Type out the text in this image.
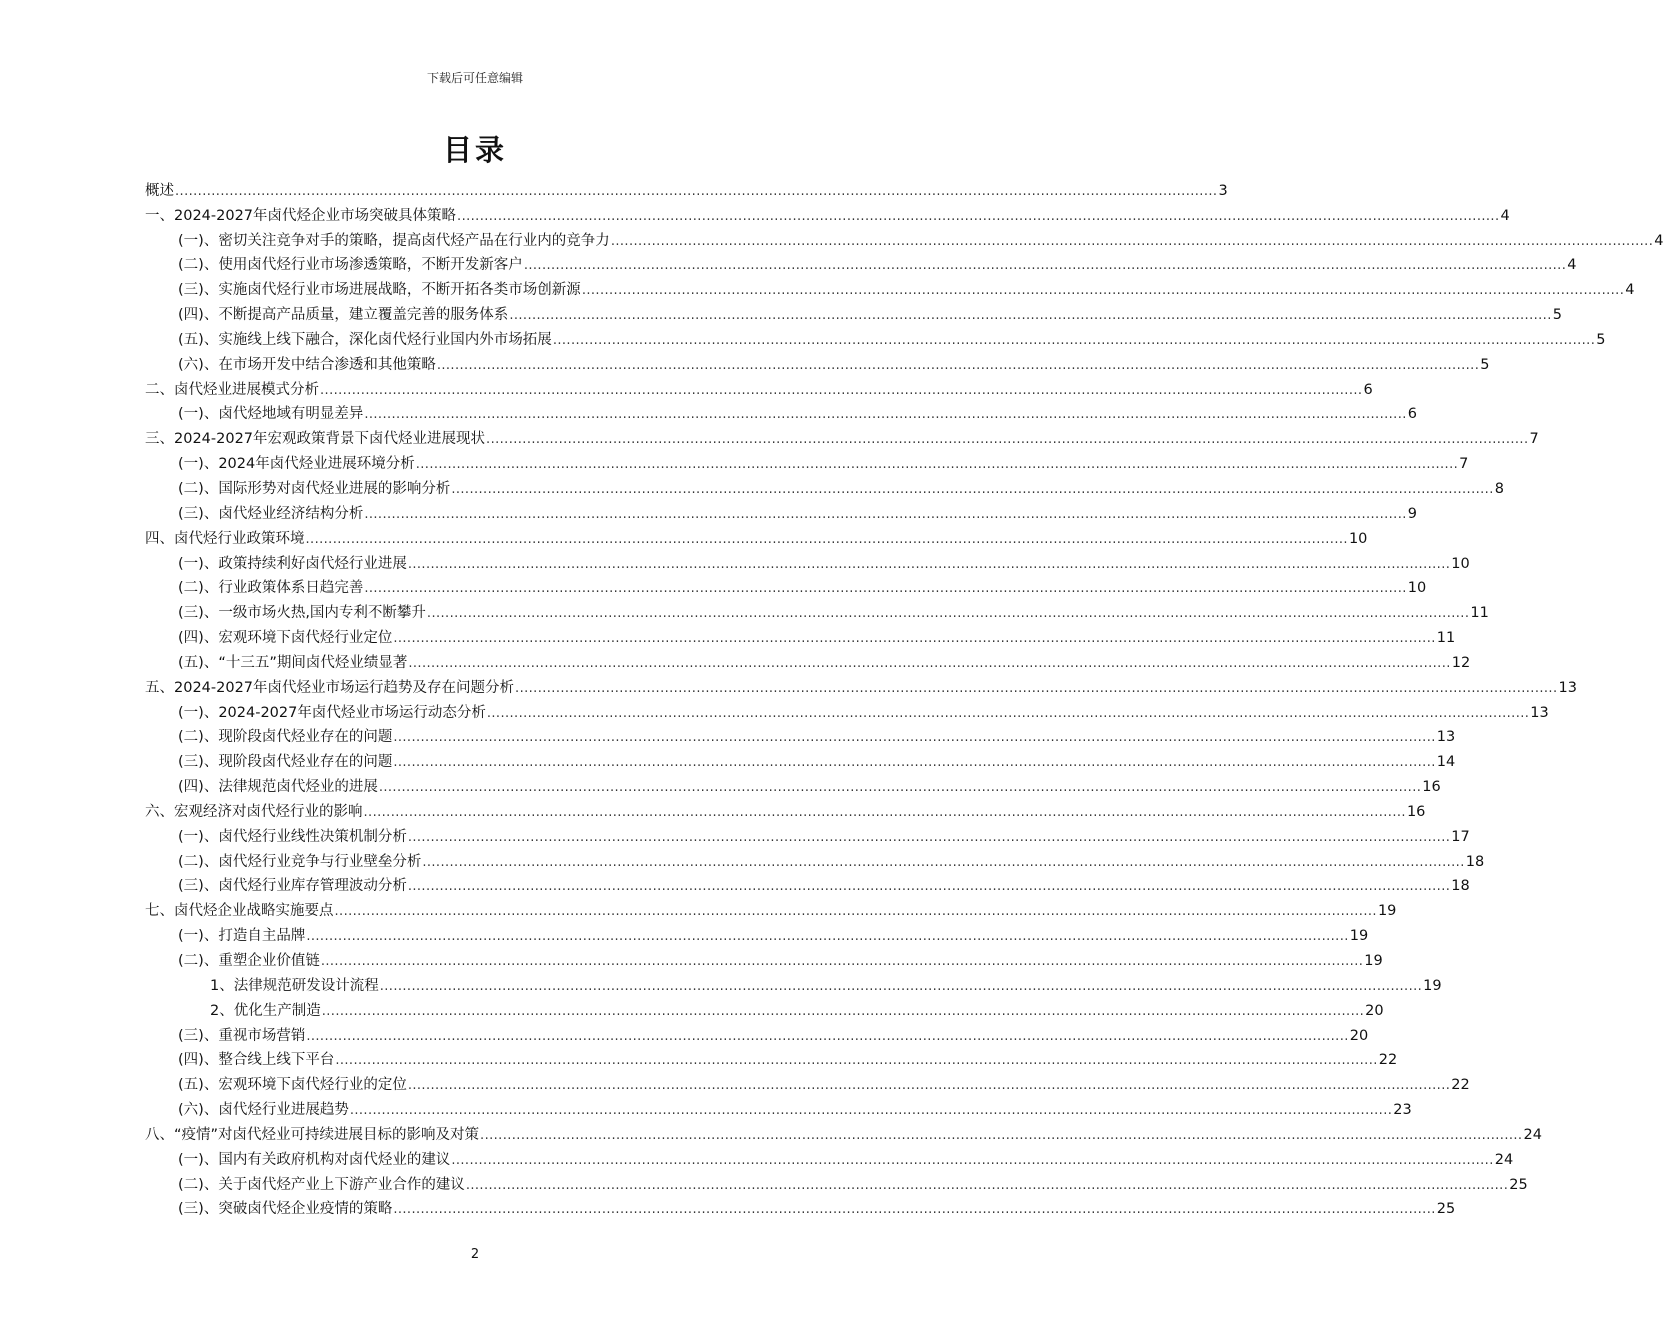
下载后可任意编辑
目录
概述 ...................................................................................................................................................................................................................................... 3
一、2024-2027年卤代烃企业市场突破具体策略 ...................................................................................................................................................................................................................................... 4
(一)、密切关注竞争对手的策略，提高卤代烃产品在行业内的竞争力 ...................................................................................................................................................................................................................................... 4
(二)、使用卤代烃行业市场渗透策略，不断开发新客户 ...................................................................................................................................................................................................................................... 4
(三)、实施卤代烃行业市场进展战略，不断开拓各类市场创新源 ...................................................................................................................................................................................................................................... 4
(四)、不断提高产品质量，建立覆盖完善的服务体系 ...................................................................................................................................................................................................................................... 5
(五)、实施线上线下融合，深化卤代烃行业国内外市场拓展 ...................................................................................................................................................................................................................................... 5
(六)、在市场开发中结合渗透和其他策略 ...................................................................................................................................................................................................................................... 5
二、卤代烃业进展模式分析 ...................................................................................................................................................................................................................................... 6
(一)、卤代烃地域有明显差异 ...................................................................................................................................................................................................................................... 6
三、2024-2027年宏观政策背景下卤代烃业进展现状 ...................................................................................................................................................................................................................................... 7
(一)、2024年卤代烃业进展环境分析 ...................................................................................................................................................................................................................................... 7
(二)、国际形势对卤代烃业进展的影响分析 ...................................................................................................................................................................................................................................... 8
(三)、卤代烃业经济结构分析 ...................................................................................................................................................................................................................................... 9
四、卤代烃行业政策环境 ...................................................................................................................................................................................................................................... 10
(一)、政策持续利好卤代烃行业进展 ...................................................................................................................................................................................................................................... 10
(二)、行业政策体系日趋完善 ...................................................................................................................................................................................................................................... 10
(三)、一级市场火热,国内专利不断攀升 ...................................................................................................................................................................................................................................... 11
(四)、宏观环境下卤代烃行业定位 ...................................................................................................................................................................................................................................... 11
(五)、“十三五”期间卤代烃业绩显著 ...................................................................................................................................................................................................................................... 12
五、2024-2027年卤代烃业市场运行趋势及存在问题分析 ...................................................................................................................................................................................................................................... 13
(一)、2024-2027年卤代烃业市场运行动态分析 ...................................................................................................................................................................................................................................... 13
(二)、现阶段卤代烃业存在的问题 ...................................................................................................................................................................................................................................... 13
(三)、现阶段卤代烃业存在的问题 ...................................................................................................................................................................................................................................... 14
(四)、法律规范卤代烃业的进展 ...................................................................................................................................................................................................................................... 16
六、宏观经济对卤代烃行业的影响 ...................................................................................................................................................................................................................................... 16
(一)、卤代烃行业线性决策机制分析 ...................................................................................................................................................................................................................................... 17
(二)、卤代烃行业竞争与行业壁垒分析 ...................................................................................................................................................................................................................................... 18
(三)、卤代烃行业库存管理波动分析 ...................................................................................................................................................................................................................................... 18
七、卤代烃企业战略实施要点 ...................................................................................................................................................................................................................................... 19
(一)、打造自主品牌 ...................................................................................................................................................................................................................................... 19
(二)、重塑企业价值链 ...................................................................................................................................................................................................................................... 19
1、法律规范研发设计流程 ...................................................................................................................................................................................................................................... 19
2、优化生产制造 ...................................................................................................................................................................................................................................... 20
(三)、重视市场营销 ...................................................................................................................................................................................................................................... 20
(四)、整合线上线下平台 ...................................................................................................................................................................................................................................... 22
(五)、宏观环境下卤代烃行业的定位 ...................................................................................................................................................................................................................................... 22
(六)、卤代烃行业进展趋势 ...................................................................................................................................................................................................................................... 23
八、“疫情”对卤代烃业可持续进展目标的影响及对策 ...................................................................................................................................................................................................................................... 24
(一)、国内有关政府机构对卤代烃业的建议 ...................................................................................................................................................................................................................................... 24
(二)、关于卤代烃产业上下游产业合作的建议 ...................................................................................................................................................................................................................................... 25
(三)、突破卤代烃企业疫情的策略 ...................................................................................................................................................................................................................................... 25
2
